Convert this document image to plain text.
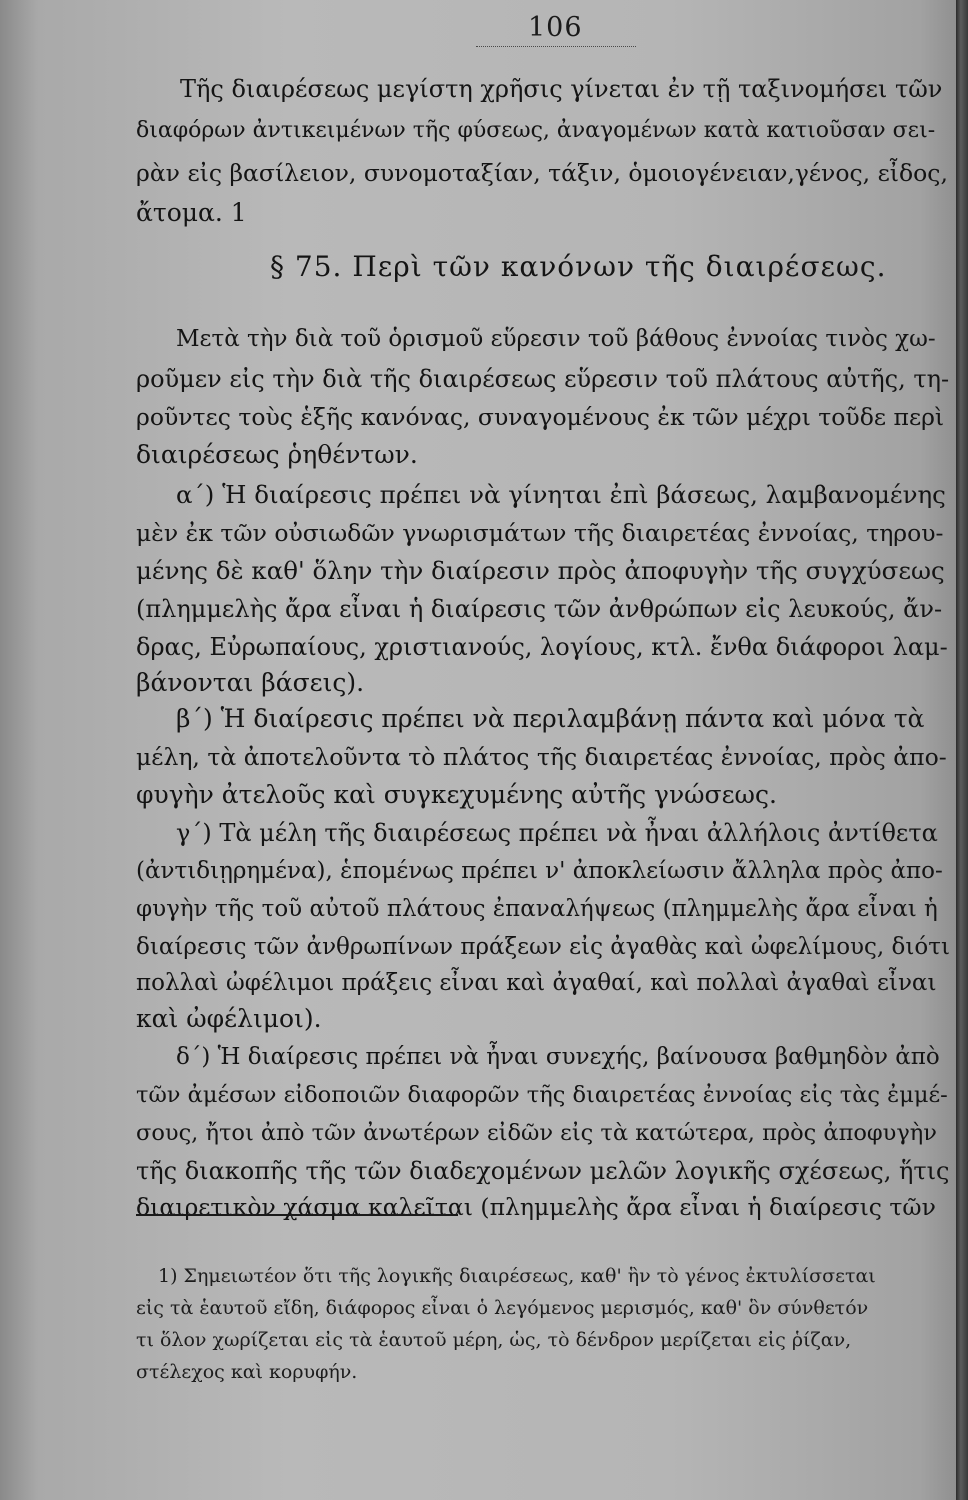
106
Τῆς διαιρέσεως μεγίστη χρῆσις γίνεται ἐν τῇ ταξινομήσει τῶν
διαφόρων ἀντικειμένων τῆς φύσεως, ἀναγομένων κατὰ κατιοῦσαν σει-
ρὰν εἰς βασίλειον, συνομοταξίαν, τάξιν, ὁμοιογένειαν,γένος, εἶδος,
ἄτομα. 1
§ 75. Περὶ τῶν κανόνων τῆς διαιρέσεως.
Μετὰ τὴν διὰ τοῦ ὁρισμοῦ εὕρεσιν τοῦ βάθους ἐννοίας τινὸς χω-
ροῦμεν εἰς τὴν διὰ τῆς διαιρέσεως εὕρεσιν τοῦ πλάτους αὐτῆς, τη-
ροῦντες τοὺς ἑξῆς κανόνας, συναγομένους ἐκ τῶν μέχρι τοῦδε περὶ
διαιρέσεως ῥηθέντων.
α΄) Ἡ διαίρεσις πρέπει νὰ γίνηται ἐπὶ βάσεως, λαμβανομένης
μὲν ἐκ τῶν οὐσιωδῶν γνωρισμάτων τῆς διαιρετέας ἐννοίας, τηρου-
μένης δὲ καθ' ὅλην τὴν διαίρεσιν πρὸς ἀποφυγὴν τῆς συγχύσεως
(πλημμελὴς ἄρα εἶναι ἡ διαίρεσις τῶν ἀνθρώπων εἰς λευκούς, ἄν-
δρας, Εὐρωπαίους, χριστιανούς, λογίους, κτλ. ἔνθα διάφοροι λαμ-
βάνονται βάσεις).
β΄) Ἡ διαίρεσις πρέπει νὰ περιλαμβάνῃ πάντα καὶ μόνα τὰ
μέλη, τὰ ἀποτελοῦντα τὸ πλάτος τῆς διαιρετέας ἐννοίας, πρὸς ἀπο-
φυγὴν ἀτελοῦς καὶ συγκεχυμένης αὐτῆς γνώσεως.
γ΄) Τὰ μέλη τῆς διαιρέσεως πρέπει νὰ ἦναι ἀλλήλοις ἀντίθετα
(ἀντιδιῃρημένα), ἑπομένως πρέπει ν' ἀποκλείωσιν ἄλληλα πρὸς ἀπο-
φυγὴν τῆς τοῦ αὐτοῦ πλάτους ἐπαναλήψεως (πλημμελὴς ἄρα εἶναι ἡ
διαίρεσις τῶν ἀνθρωπίνων πράξεων εἰς ἀγαθὰς καὶ ὠφελίμους, διότι
πολλαὶ ὠφέλιμοι πράξεις εἶναι καὶ ἀγαθαί, καὶ πολλαὶ ἀγαθαὶ εἶναι
καὶ ὠφέλιμοι).
δ΄) Ἡ διαίρεσις πρέπει νὰ ἦναι συνεχής, βαίνουσα βαθμηδὸν ἀπὸ
τῶν ἀμέσων εἰδοποιῶν διαφορῶν τῆς διαιρετέας ἐννοίας εἰς τὰς ἐμμέ-
σους, ἤτοι ἀπὸ τῶν ἀνωτέρων εἰδῶν εἰς τὰ κατώτερα, πρὸς ἀποφυγὴν
τῆς διακοπῆς τῆς τῶν διαδεχομένων μελῶν λογικῆς σχέσεως, ἥτις
διαιρετικὸν χάσμα καλεῖται (πλημμελὴς ἄρα εἶναι ἡ διαίρεσις τῶν
1) Σημειωτέον ὅτι τῆς λογικῆς διαιρέσεως, καθ' ἣν τὸ γένος ἐκτυλίσσεται
εἰς τὰ ἑαυτοῦ εἴδη, διάφορος εἶναι ὁ λεγόμενος μερισμός, καθ' ὃν σύνθετόν
τι ὅλον χωρίζεται εἰς τὰ ἑαυτοῦ μέρη, ὡς, τὸ δένδρον μερίζεται εἰς ῥίζαν,
στέλεχος καὶ κορυφήν.
